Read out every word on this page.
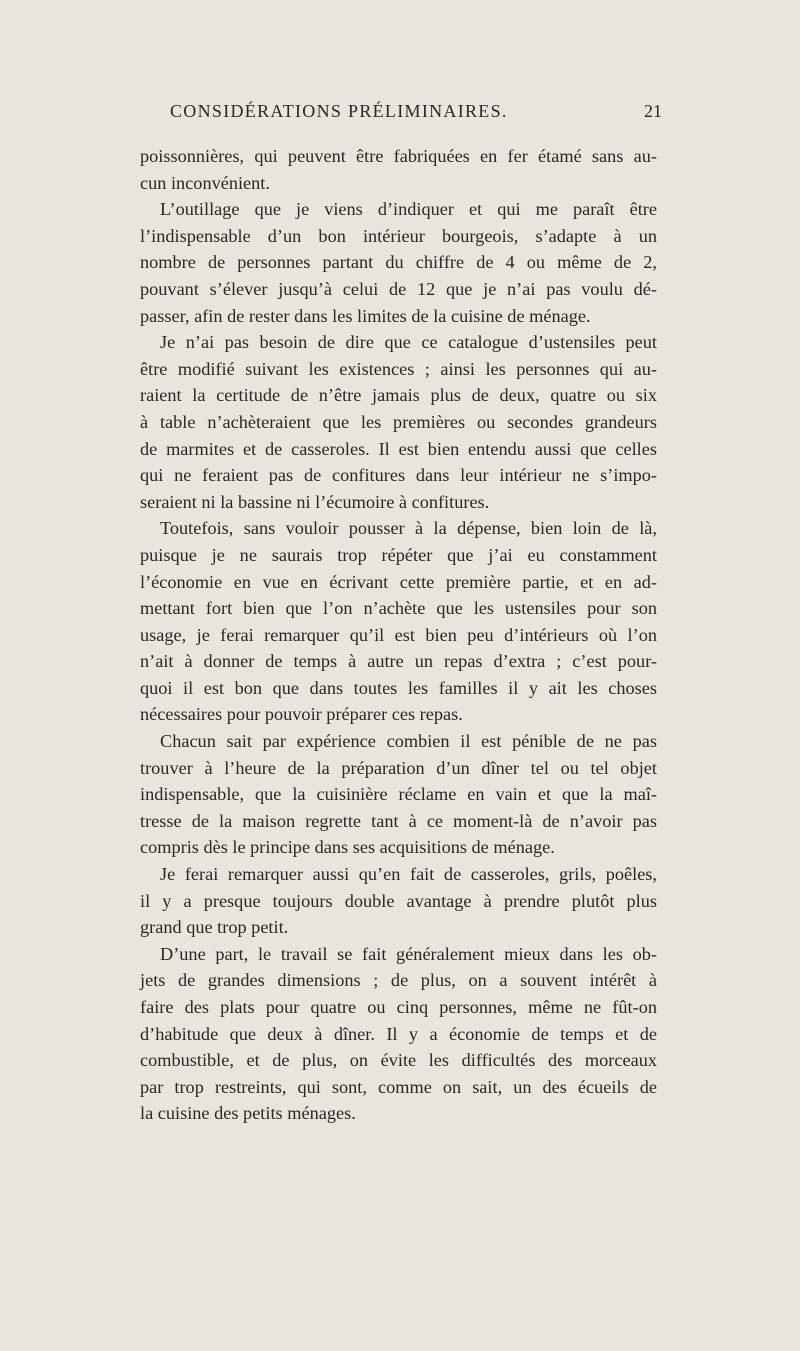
CONSIDÉRATIONS PRÉLIMINAIRES.	21
poissonnières, qui peuvent être fabriquées en fer étamé sans au-
cun inconvénient.
L’outillage que je viens d’indiquer et qui me paraît être
l’indispensable d’un bon intérieur bourgeois, s’adapte à un
nombre de personnes partant du chiffre de 4 ou même de 2,
pouvant s’élever jusqu’à celui de 12 que je n’ai pas voulu dé-
passer, afin de rester dans les limites de la cuisine de ménage.
Je n’ai pas besoin de dire que ce catalogue d’ustensiles peut
être modifié suivant les existences ; ainsi les personnes qui au-
raient la certitude de n’être jamais plus de deux, quatre ou six
à table n’achèteraient que les premières ou secondes grandeurs
de marmites et de casseroles. Il est bien entendu aussi que celles
qui ne feraient pas de confitures dans leur intérieur ne s’impo-
seraient ni la bassine ni l’écumoire à confitures.
Toutefois, sans vouloir pousser à la dépense, bien loin de là,
puisque je ne saurais trop répéter que j’ai eu constamment
l’économie en vue en écrivant cette première partie, et en ad-
mettant fort bien que l’on n’achète que les ustensiles pour son
usage, je ferai remarquer qu’il est bien peu d’intérieurs où l’on
n’ait à donner de temps à autre un repas d’extra ; c’est pour-
quoi il est bon que dans toutes les familles il y ait les choses
nécessaires pour pouvoir préparer ces repas.
Chacun sait par expérience combien il est pénible de ne pas
trouver à l’heure de la préparation d’un dîner tel ou tel objet
indispensable, que la cuisinière réclame en vain et que la maî-
tresse de la maison regrette tant à ce moment-là de n’avoir pas
compris dès le principe dans ses acquisitions de ménage.
Je ferai remarquer aussi qu’en fait de casseroles, grils, poêles,
il y a presque toujours double avantage à prendre plutôt plus
grand que trop petit.
D’une part, le travail se fait généralement mieux dans les ob-
jets de grandes dimensions ; de plus, on a souvent intérêt à
faire des plats pour quatre ou cinq personnes, même ne fût-on
d’habitude que deux à dîner. Il y a économie de temps et de
combustible, et de plus, on évite les difficultés des morceaux
par trop restreints, qui sont, comme on sait, un des écueils de
la cuisine des petits ménages.
